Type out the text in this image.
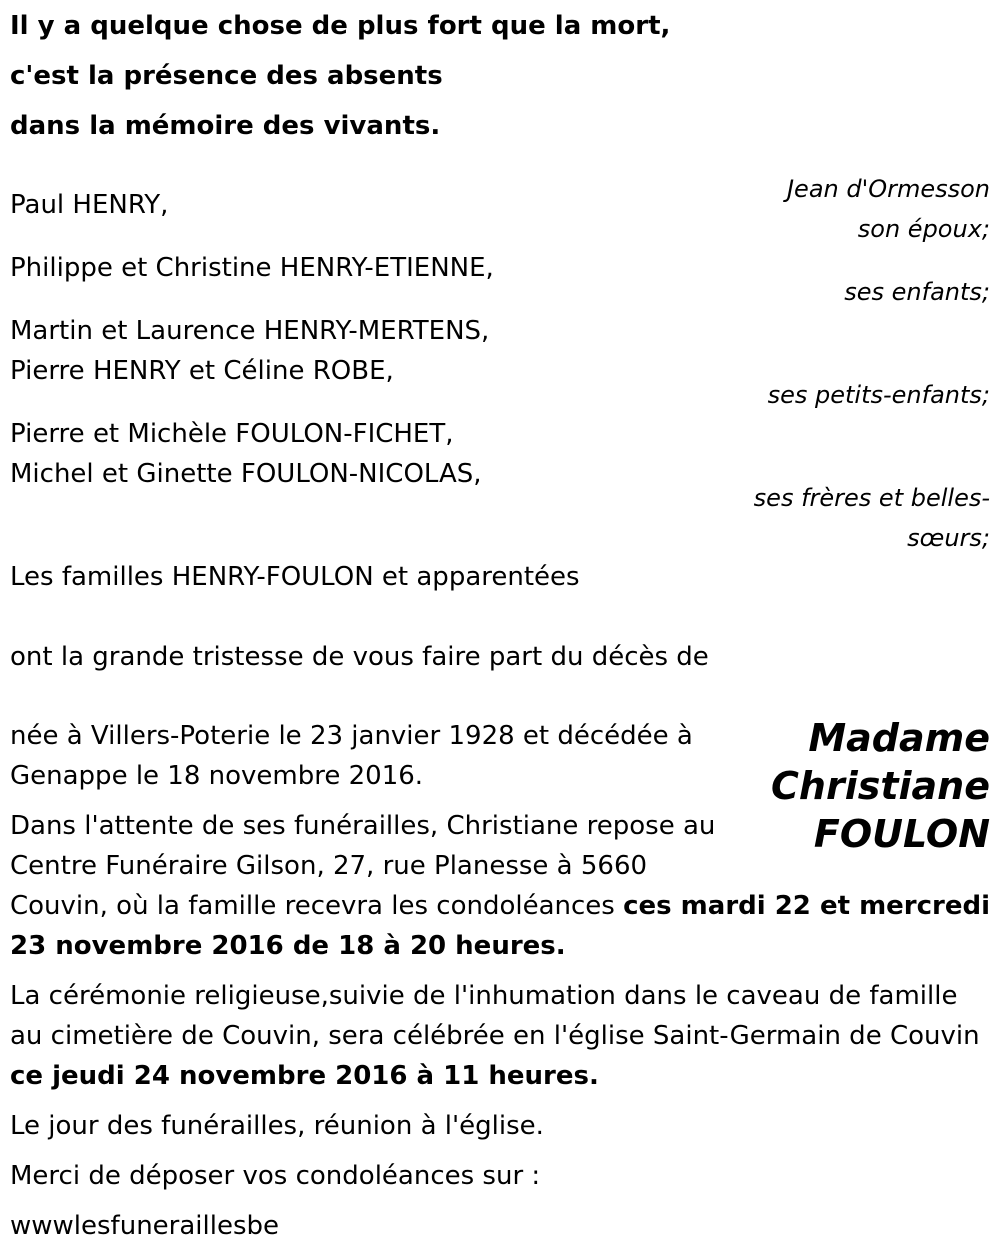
Il y a quelque chose de plus fort que la mort,
c'est la présence des absents
dans la mémoire des vivants.
Jean d'Ormesson
Paul HENRY,
son époux;
Philippe et Christine HENRY-ETIENNE,
ses enfants;
Martin et Laurence HENRY-MERTENS,
Pierre HENRY et Céline ROBE,
ses petits-enfants;
Pierre et Michèle FOULON-FICHET,
Michel et Ginette FOULON-NICOLAS,
ses frères et belles-
sœurs;
Les familles HENRY-FOULON et apparentées
ont la grande tristesse de vous faire part du décès de
Madame
Christiane
FOULON
née à Villers-Poterie le 23 janvier 1928 et décédée à
Genappe le 18 novembre 2016.
Dans l'attente de ses funérailles, Christiane repose au
Centre Funéraire Gilson, 27, rue Planesse à 5660
Couvin, où la famille recevra les condoléances ces mardi 22 et mercredi
23 novembre 2016 de 18 à 20 heures.
La cérémonie religieuse,suivie de l'inhumation dans le caveau de famille
au cimetière de Couvin, sera célébrée en l'église Saint-Germain de Couvin
ce jeudi 24 novembre 2016 à 11 heures.
Le jour des funérailles, réunion à l'église.
Merci de déposer vos condoléances sur :
wwwlesfuneraillesbe
